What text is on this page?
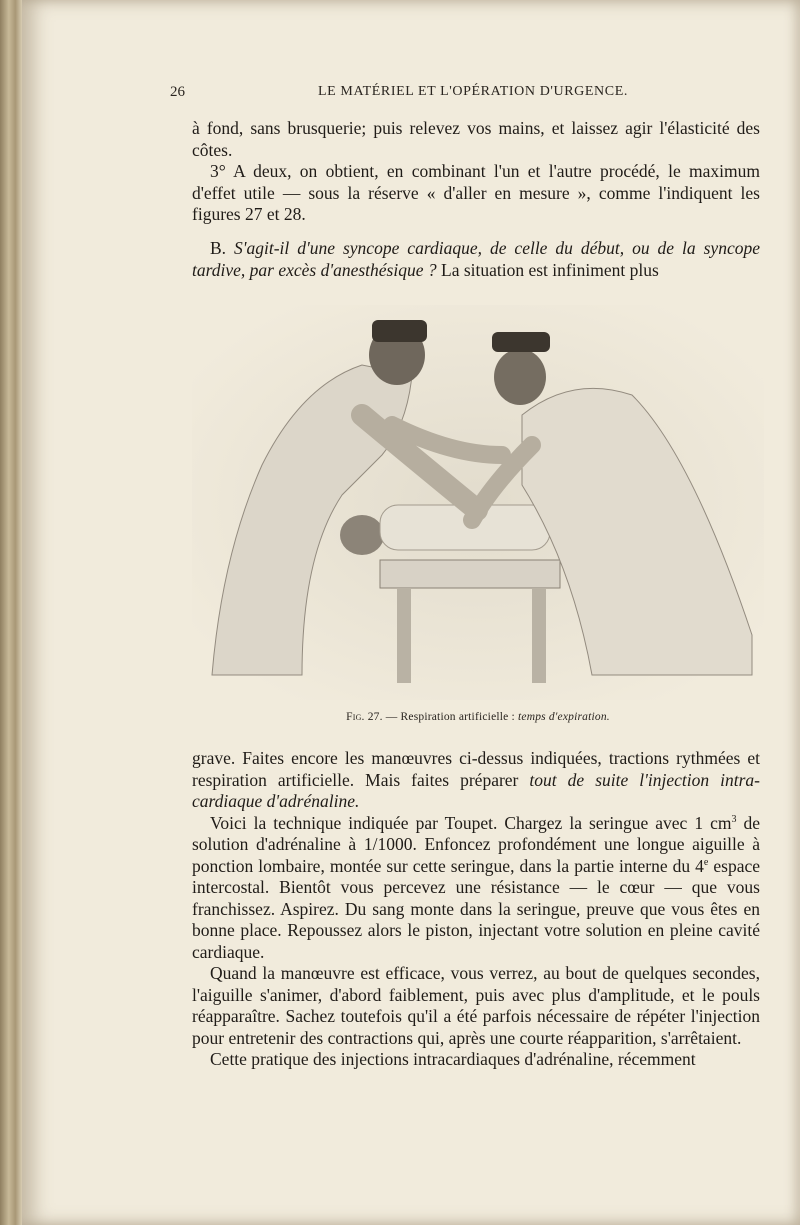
26	LE MATÉRIEL ET L'OPÉRATION D'URGENCE.

à fond, sans brusquerie; puis relevez vos mains, et laissez agir l'élasticité des côtes.

3° A deux, on obtient, en combinant l'un et l'autre procédé, le maximum d'effet utile — sous la réserve « d'aller en mesure », comme l'indiquent les figures 27 et 28.

B. S'agit-il d'une syncope cardiaque, de celle du début, ou de la syncope tardive, par excès d'anesthésique ? La situation est infiniment plus

Fig. 27. — Respiration artificielle : temps d'expiration.

grave. Faites encore les manœuvres ci-dessus indiquées, tractions rythmées et respiration artificielle. Mais faites préparer tout de suite l'injection intra-cardiaque d'adrénaline.

Voici la technique indiquée par Toupet. Chargez la seringue avec 1 $cm^3$ de solution d'adrénaline à 1/1000. Enfoncez profondément une longue aiguille à ponction lombaire, montée sur cette seringue, dans la partie interne du 4e espace intercostal. Bientôt vous percevez une résistance — le cœur — que vous franchissez. Aspirez. Du sang monte dans la seringue, preuve que vous êtes en bonne place. Repoussez alors le piston, injectant votre solution en pleine cavité cardiaque.

Quand la manœuvre est efficace, vous verrez, au bout de quelques secondes, l'aiguille s'animer, d'abord faiblement, puis avec plus d'amplitude, et le pouls réapparaître. Sachez toutefois qu'il a été parfois nécessaire de répéter l'injection pour entretenir des contractions qui, après une courte réapparition, s'arrêtaient.

Cette pratique des injections intracardiaques d'adrénaline, récemment
